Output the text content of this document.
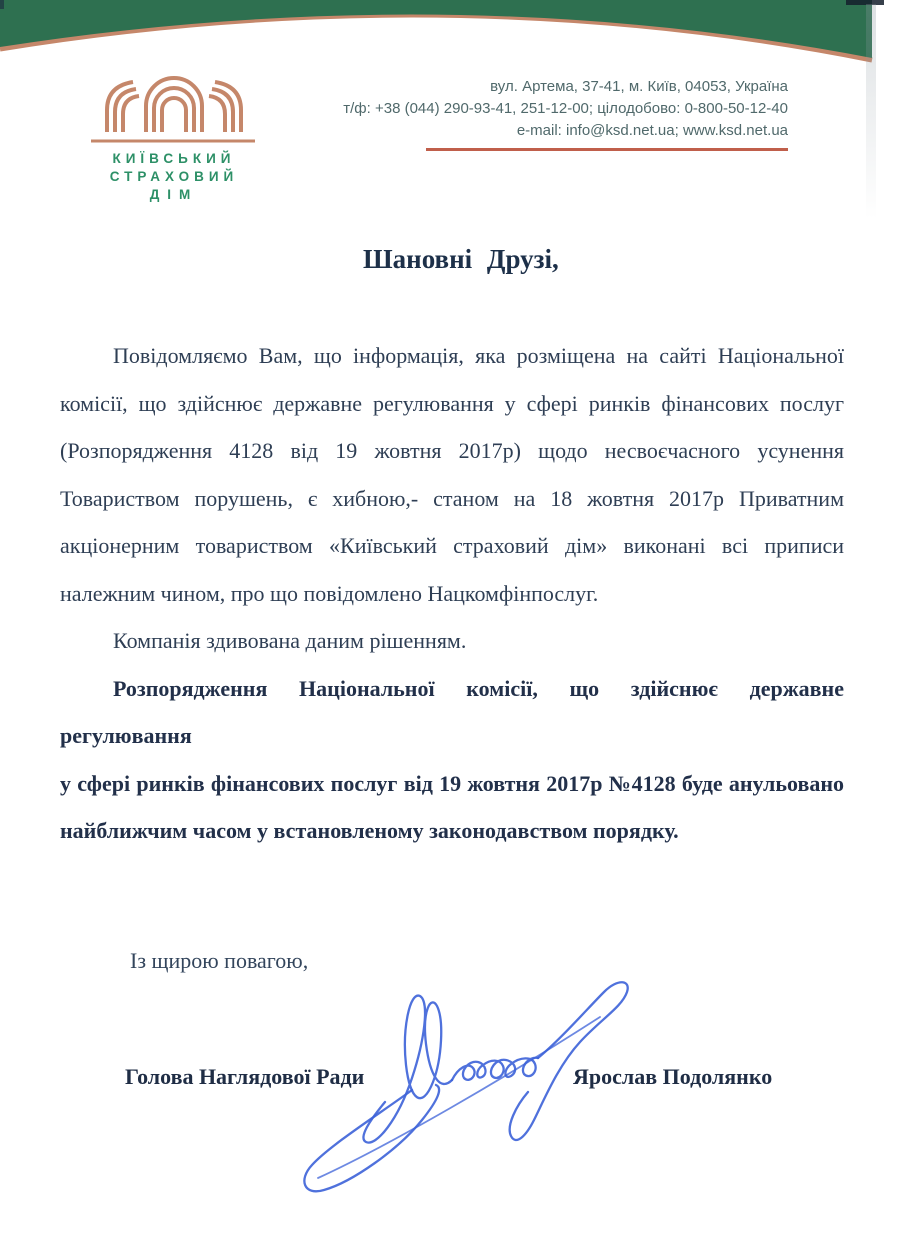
КИЇВСЬКИЙ
СТРАХОВИЙ
ДІМ
вул. Артема, 37-41, м. Київ, 04053, Україна
т/ф: +38 (044) 290-93-41, 251-12-00; цілодобово: 0-800-50-12-40
e-mail: info@ksd.net.ua; www.ksd.net.ua
Шановні Друзі,
Повідомляємо Вам, що інформація, яка розміщена на сайті Національної
комісії, що здійснює державне регулювання у сфері ринків фінансових послуг
(Розпорядження 4128 від 19 жовтня 2017р) щодо несвоєчасного усунення
Товариством порушень, є хибною,- станом на 18 жовтня 2017р Приватним
акціонерним товариством «Київський страховий дім» виконані всі приписи
належним чином, про що повідомлено Нацкомфінпослуг.
Компанія здивована даним рішенням.
Розпорядження Національної комісії, що здійснює державне регулювання
у сфері ринків фінансових послуг від 19 жовтня 2017р №4128 буде анульовано
найближчим часом у встановленому законодавством порядку.
Із щирою повагою,
Голова Наглядової Ради	Ярослав Подолянко
